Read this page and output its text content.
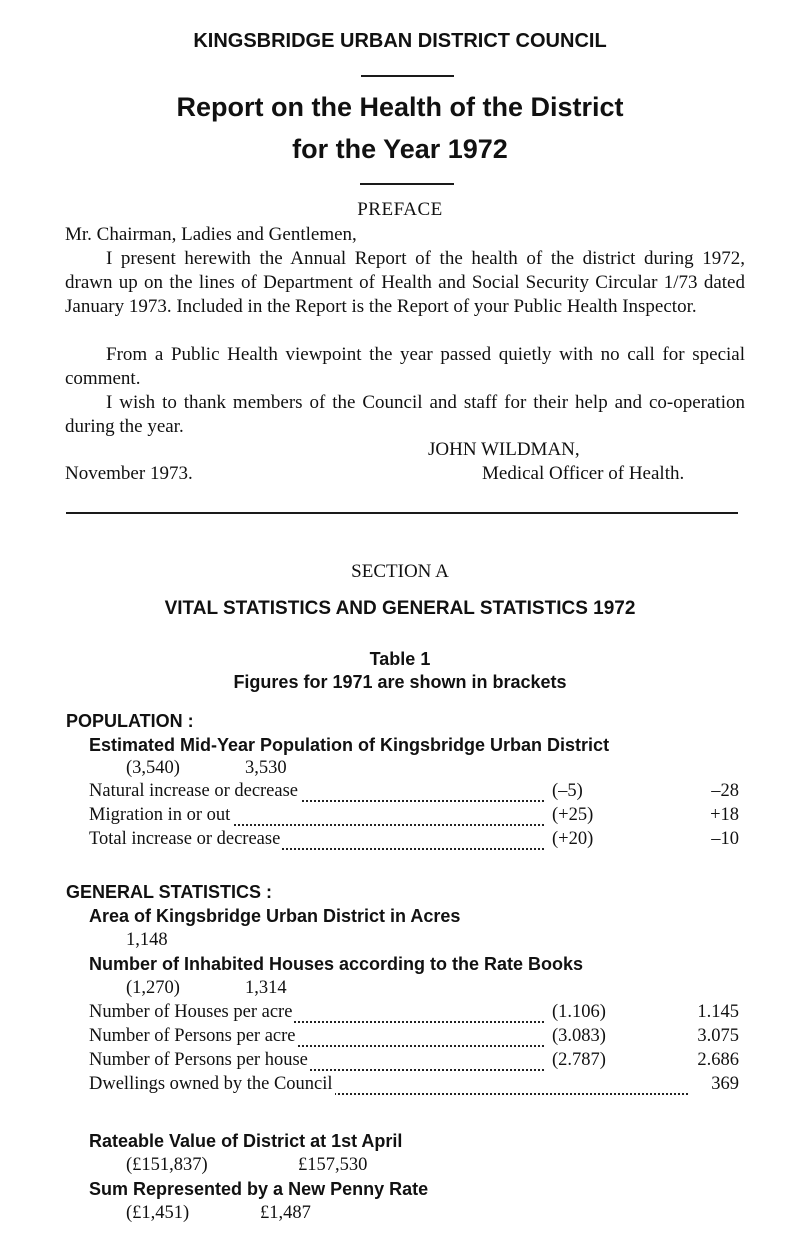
KINGSBRIDGE URBAN DISTRICT COUNCIL
Report on the Health of the District
for the Year 1972
PREFACE
Mr. Chairman, Ladies and Gentlemen,
I present herewith the Annual Report of the health of the district during 1972, drawn up on the lines of Department of Health and Social Security Circular 1/73 dated January 1973. Included in the Report is the Report of your Public Health Inspector.
From a Public Health viewpoint the year passed quietly with no call for special comment.
I wish to thank members of the Council and staff for their help and co-operation during the year.
JOHN WILDMAN,
November 1973.	Medical Officer of Health.
SECTION A
VITAL STATISTICS AND GENERAL STATISTICS 1972
Table 1
Figures for 1971 are shown in brackets
POPULATION :
Estimated Mid-Year Population of Kingsbridge Urban District
(3,540)	3,530
Natural increase or decrease	(–5)	–28
Migration in or out	(+25)	+18
Total increase or decrease	(+20)	–10
GENERAL STATISTICS :
Area of Kingsbridge Urban District in Acres
1,148
Number of Inhabited Houses according to the Rate Books
(1,270)	1,314
Number of Houses per acre	(1.106)	1.145
Number of Persons per acre	(3.083)	3.075
Number of Persons per house	(2.787)	2.686
Dwellings owned by the Council	369
Rateable Value of District at 1st April
(£151,837)	£157,530
Sum Represented by a New Penny Rate
(£1,451)	£1,487
